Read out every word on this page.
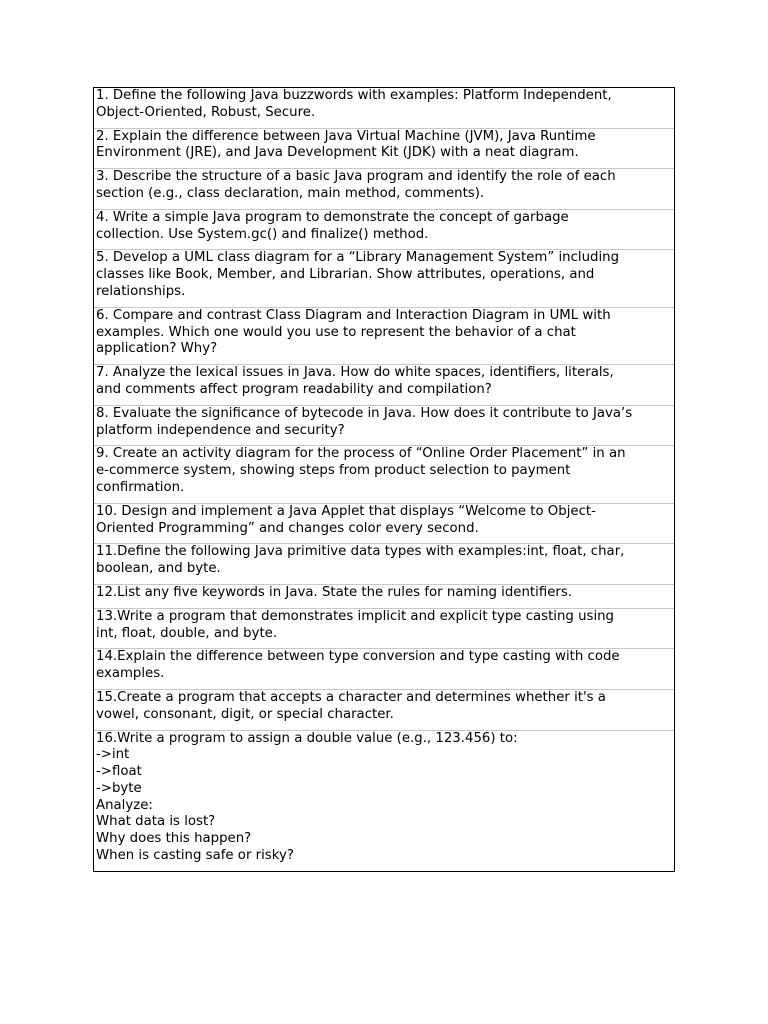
1. Define the following Java buzzwords with examples: Platform Independent,
Object-Oriented, Robust, Secure.
2. Explain the difference between Java Virtual Machine (JVM), Java Runtime
Environment (JRE), and Java Development Kit (JDK) with a neat diagram.
3. Describe the structure of a basic Java program and identify the role of each
section (e.g., class declaration, main method, comments).
4. Write a simple Java program to demonstrate the concept of garbage
collection. Use System.gc() and finalize() method.
5. Develop a UML class diagram for a “Library Management System” including
classes like Book, Member, and Librarian. Show attributes, operations, and
relationships.
6. Compare and contrast Class Diagram and Interaction Diagram in UML with
examples. Which one would you use to represent the behavior of a chat
application? Why?
7. Analyze the lexical issues in Java. How do white spaces, identifiers, literals,
and comments affect program readability and compilation?
8. Evaluate the significance of bytecode in Java. How does it contribute to Java’s
platform independence and security?
9. Create an activity diagram for the process of “Online Order Placement” in an
e-commerce system, showing steps from product selection to payment
confirmation.
10. Design and implement a Java Applet that displays “Welcome to Object-
Oriented Programming” and changes color every second.
11.Define the following Java primitive data types with examples:int, float, char,
boolean, and byte.
12.List any five keywords in Java. State the rules for naming identifiers.
13.Write a program that demonstrates implicit and explicit type casting using
int, float, double, and byte.
14.Explain the difference between type conversion and type casting with code
examples.
15.Create a program that accepts a character and determines whether it's a
vowel, consonant, digit, or special character.
16.Write a program to assign a double value (e.g., 123.456) to:
->int
->float
->byte
Analyze:
What data is lost?
Why does this happen?
When is casting safe or risky?
